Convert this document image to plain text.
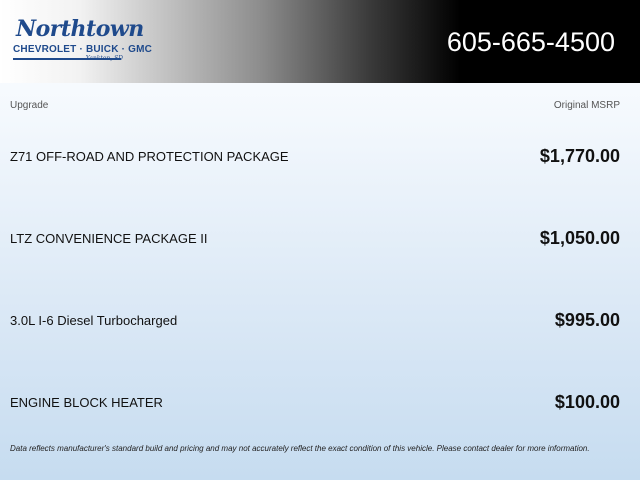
Northtown
CHEVROLET · BUICK · GMC
Yankton, SD
605-665-4500
Upgrade	Original MSRP
Z71 OFF-ROAD AND PROTECTION PACKAGE	$1,770.00
LTZ CONVENIENCE PACKAGE II	$1,050.00
3.0L I-6 Diesel Turbocharged	$995.00
ENGINE BLOCK HEATER	$100.00
Data reflects manufacturer's standard build and pricing and may not accurately reflect the exact condition of this vehicle. Please contact dealer for more information.
